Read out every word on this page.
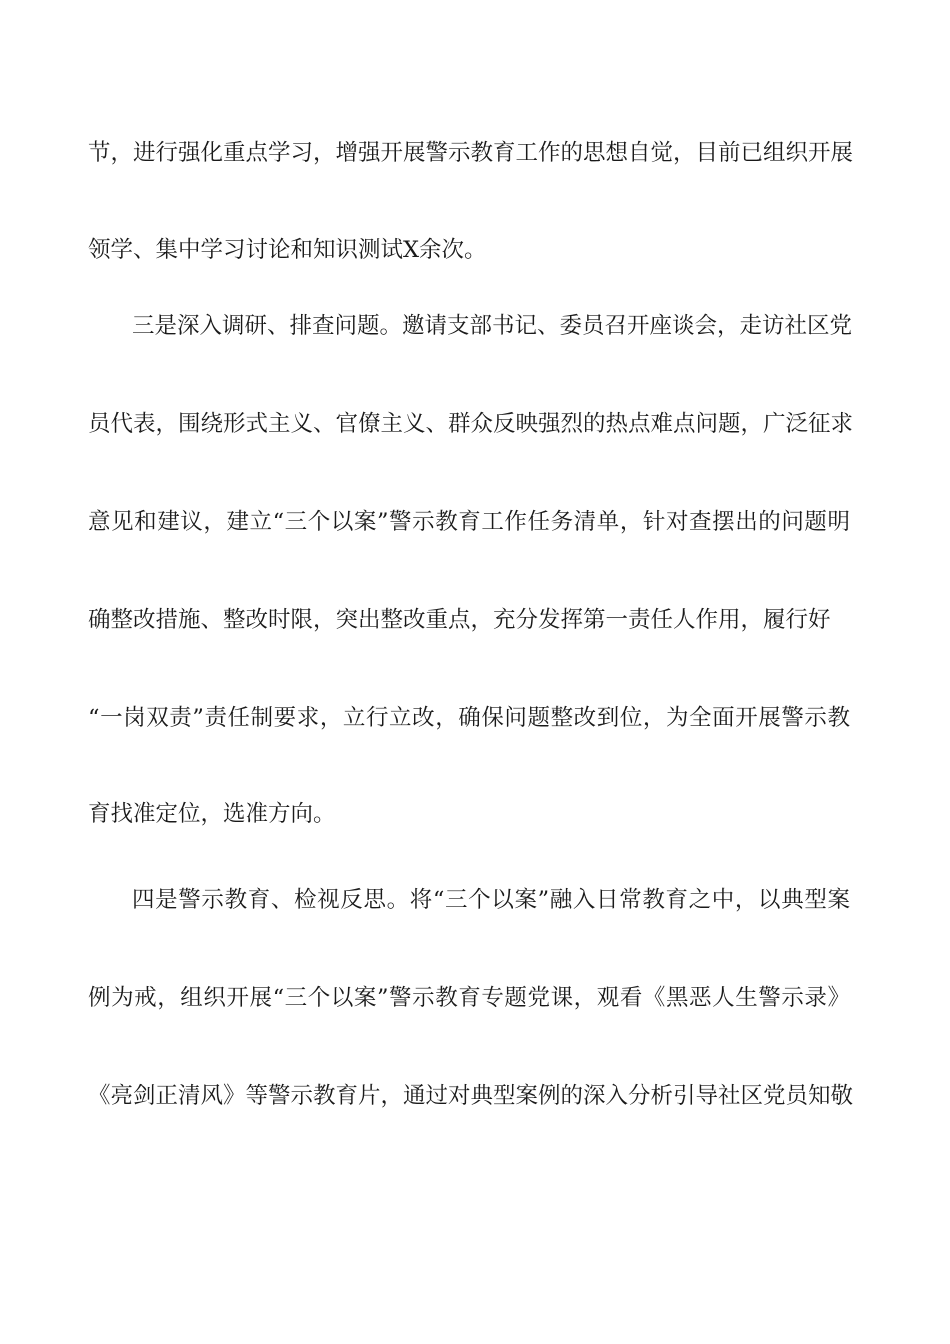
节，进行强化重点学习，增强开展警示教育工作的思想自觉，目前已组织开展
领学、集中学习讨论和知识测试X余次。
三是深入调研、排查问题。邀请支部书记、委员召开座谈会，走访社区党
员代表，围绕形式主义、官僚主义、群众反映强烈的热点难点问题，广泛征求
意见和建议，建立“三个以案”警示教育工作任务清单，针对查摆出的问题明
确整改措施、整改时限，突出整改重点，充分发挥第一责任人作用，履行好
“一岗双责”责任制要求，立行立改，确保问题整改到位，为全面开展警示教
育找准定位，选准方向。
四是警示教育、检视反思。将“三个以案”融入日常教育之中，以典型案
例为戒，组织开展“三个以案”警示教育专题党课，观看《黑恶人生警示录》
《亮剑正清风》等警示教育片，通过对典型案例的深入分析引导社区党员知敬
